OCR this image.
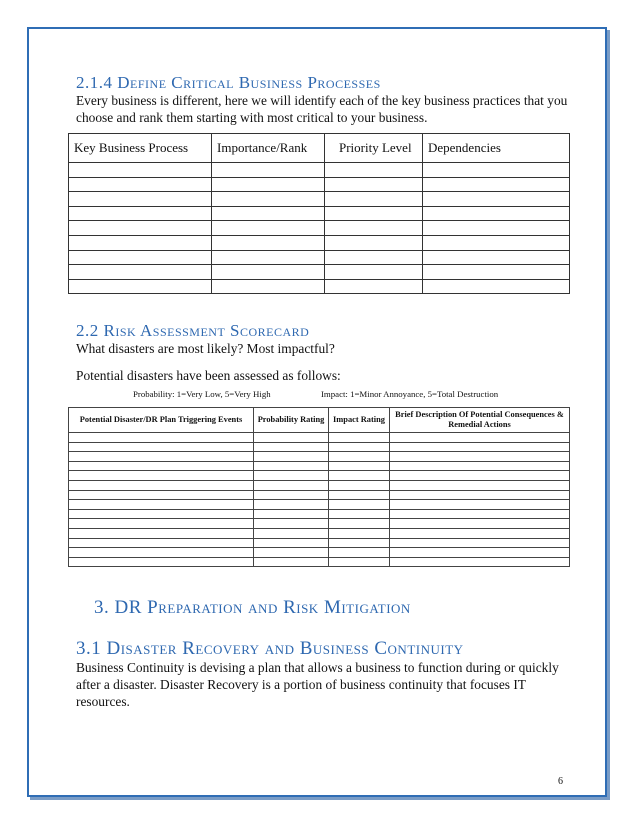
2.1.4 Define Critical Business Processes

Every business is different, here we will identify each of the key business practices that you choose and rank them starting with most critical to your business.

Key Business Process	Importance/Rank	Priority Level	Dependencies

2.2 Risk Assessment Scorecard

What disasters are most likely? Most impactful?

Potential disasters have been assessed as follows:

Probability: 1=Very Low, 5=Very High	Impact: 1=Minor Annoyance, 5=Total Destruction
Potential Disaster/DR Plan Triggering Events	Probability Rating	Impact Rating	Brief Description Of Potential Consequences & Remedial Actions

3. DR Preparation and Risk Mitigation
3.1 Disaster Recovery and Business Continuity

Business Continuity is devising a plan that allows a business to function during or quickly after a disaster. Disaster Recovery is a portion of business continuity that focuses IT resources.

6
